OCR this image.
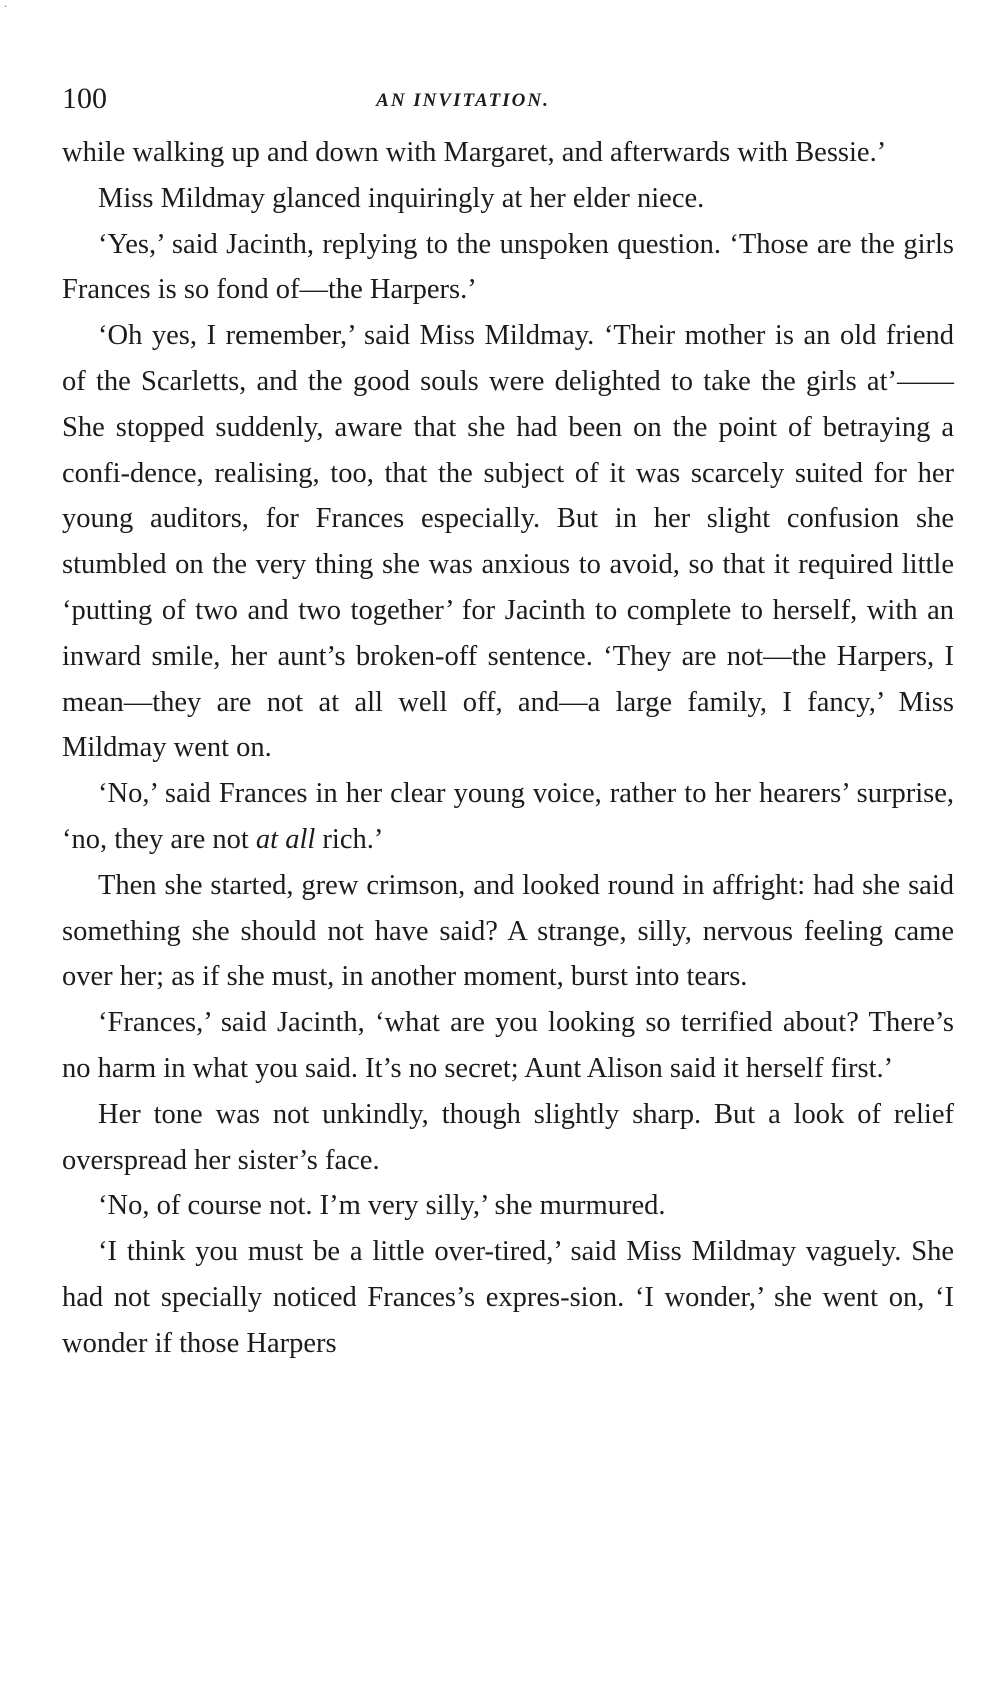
․
100	AN INVITATION.

while walking up and down with Margaret, and afterwards with Bessie.’

Miss Mildmay glanced inquiringly at her elder niece.

‘Yes,’ said Jacinth, replying to the unspoken question. ‘Those are the girls Frances is so fond of—the Harpers.’

‘Oh yes, I remember,’ said Miss Mildmay. ‘Their mother is an old friend of the Scarletts, and the good souls were delighted to take the girls at’—— She stopped suddenly, aware that she had been on the point of betraying a confi-dence, realising, too, that the subject of it was scarcely suited for her young auditors, for Frances especially. But in her slight confusion she stumbled on the very thing she was anxious to avoid, so that it required little ‘putting of two and two together’ for Jacinth to complete to herself, with an inward smile, her aunt’s broken-off sentence. ‘They are not—the Harpers, I mean—they are not at all well off, and—a large family, I fancy,’ Miss Mildmay went on.

‘No,’ said Frances in her clear young voice, rather to her hearers’ surprise, ‘no, they are not at all rich.’

Then she started, grew crimson, and looked round in affright: had she said something she should not have said? A strange, silly, nervous feeling came over her; as if she must, in another moment, burst into tears.

‘Frances,’ said Jacinth, ‘what are you looking so terrified about? There’s no harm in what you said. It’s no secret; Aunt Alison said it herself first.’

Her tone was not unkindly, though slightly sharp. But a look of relief overspread her sister’s face.

‘No, of course not. I’m very silly,’ she murmured.

‘I think you must be a little over-tired,’ said Miss Mildmay vaguely. She had not specially noticed Frances’s expres-sion. ‘I wonder,’ she went on, ‘I wonder if those Harpers
